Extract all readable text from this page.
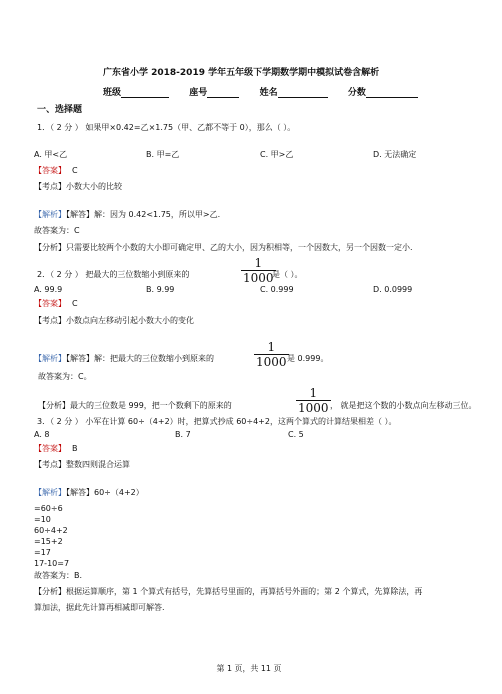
广东省小学 2018-2019 学年五年级下学期数学期中模拟试卷含解析
班级	座号	姓名	分数
一、选择题
1．（ 2 分 ） 如果甲×0.42=乙×1.75（甲、乙都不等于 0），那么（ ）。
A. 甲<乙	B. 甲=乙	C. 甲>乙	D. 无法确定
【答案】 C
【考点】小数大小的比较
【解析】【解答】解：因为 0.42<1.75，所以甲>乙.
故答案为：C
【分析】只需要比较两个小数的大小即可确定甲、乙的大小，因为积相等，一个因数大，另一个因数一定小.
2．（ 2 分 ） 把最大的三位数缩小到原来的
1
1000
是（ ）。
A. 99.9	B. 9.99	C. 0.999	D. 0.0999
【答案】 C
【考点】小数点向左移动引起小数大小的变化
【解析】【解答】解：把最大的三位数缩小到原来的
1
1000 是 0.999。
故答案为：C。
【分析】最大的三位数是 999，把一个数剩下的原来的
1
1000 ， 就是把这个数的小数点向左移动三位。
3．（ 2 分 ） 小军在计算 60÷（4+2）时，把算式抄成 60÷4+2，这两个算式的计算结果相差（ ）。
A. 8	B. 7	C. 5
【答案】 B
【考点】整数四则混合运算
【解析】【解答】60÷（4+2）
=60÷6
=10
60÷4+2
=15+2
=17
17-10=7
故答案为：B.
【分析】根据运算顺序，第 1 个算式有括号，先算括号里面的，再算括号外面的；第 2 个算式，先算除法，再
算加法，据此先计算再相减即可解答.
第 1 页，共 11 页
